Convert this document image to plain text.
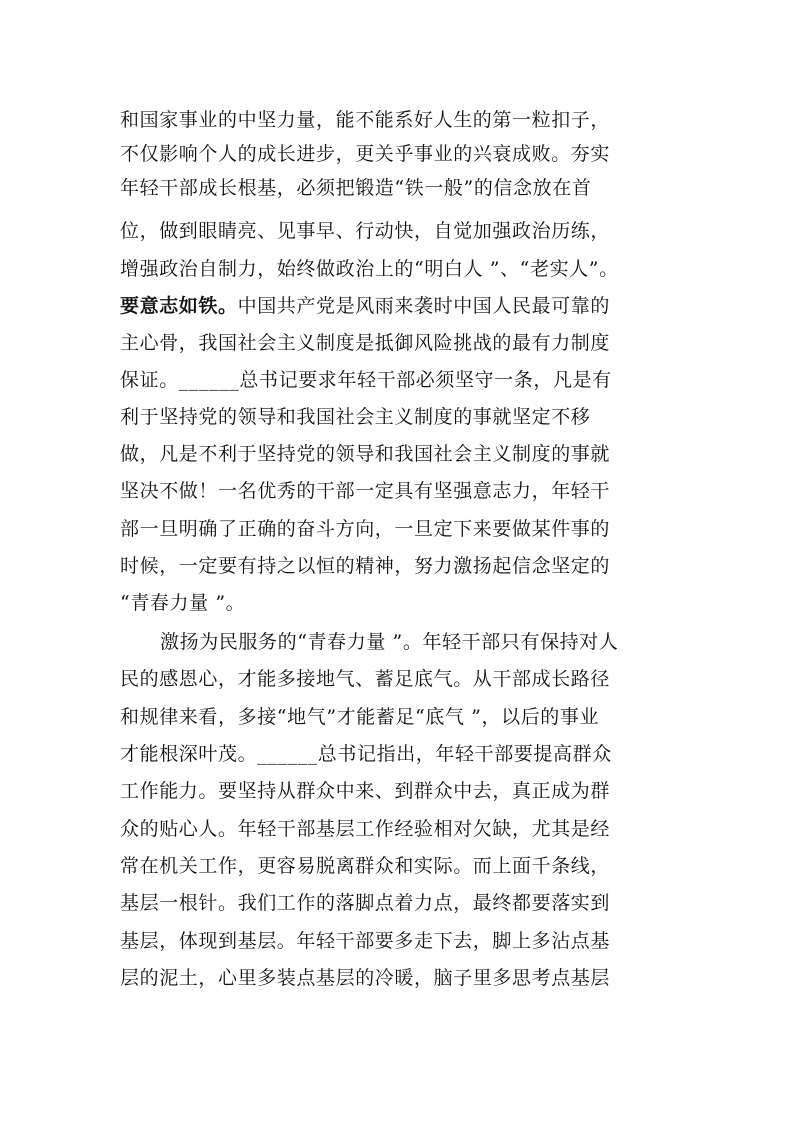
和国家事业的中坚力量，能不能系好人生的第一粒扣子，
不仅影响个人的成长进步，更关乎事业的兴衰成败。夯实
年轻干部成长根基，必须把锻造“铁一般”的信念放在首
位，做到眼睛亮、见事早、行动快，自觉加强政治历练，
增强政治自制力，始终做政治上的“明白人 ”、“老实人”。
要意志如铁。中国共产党是风雨来袭时中国人民最可靠的
主心骨，我国社会主义制度是抵御风险挑战的最有力制度
保证。______总书记要求年轻干部必须坚守一条，凡是有
利于坚持党的领导和我国社会主义制度的事就坚定不移
做，凡是不利于坚持党的领导和我国社会主义制度的事就
坚决不做！一名优秀的干部一定具有坚强意志力，年轻干
部一旦明确了正确的奋斗方向，一旦定下来要做某件事的
时候，一定要有持之以恒的精神，努力激扬起信念坚定的
“青春力量 ”。
激扬为民服务的“青春力量 ”。年轻干部只有保持对人
民的感恩心，才能多接地气、蓄足底气。从干部成长路径
和规律来看，多接“地气”才能蓄足“底气 ”，以后的事业
才能根深叶茂。______总书记指出，年轻干部要提高群众
工作能力。要坚持从群众中来、到群众中去，真正成为群
众的贴心人。年轻干部基层工作经验相对欠缺，尤其是经
常在机关工作，更容易脱离群众和实际。而上面千条线，
基层一根针。我们工作的落脚点着力点，最终都要落实到
基层，体现到基层。年轻干部要多走下去，脚上多沾点基
层的泥土，心里多装点基层的冷暖，脑子里多思考点基层
